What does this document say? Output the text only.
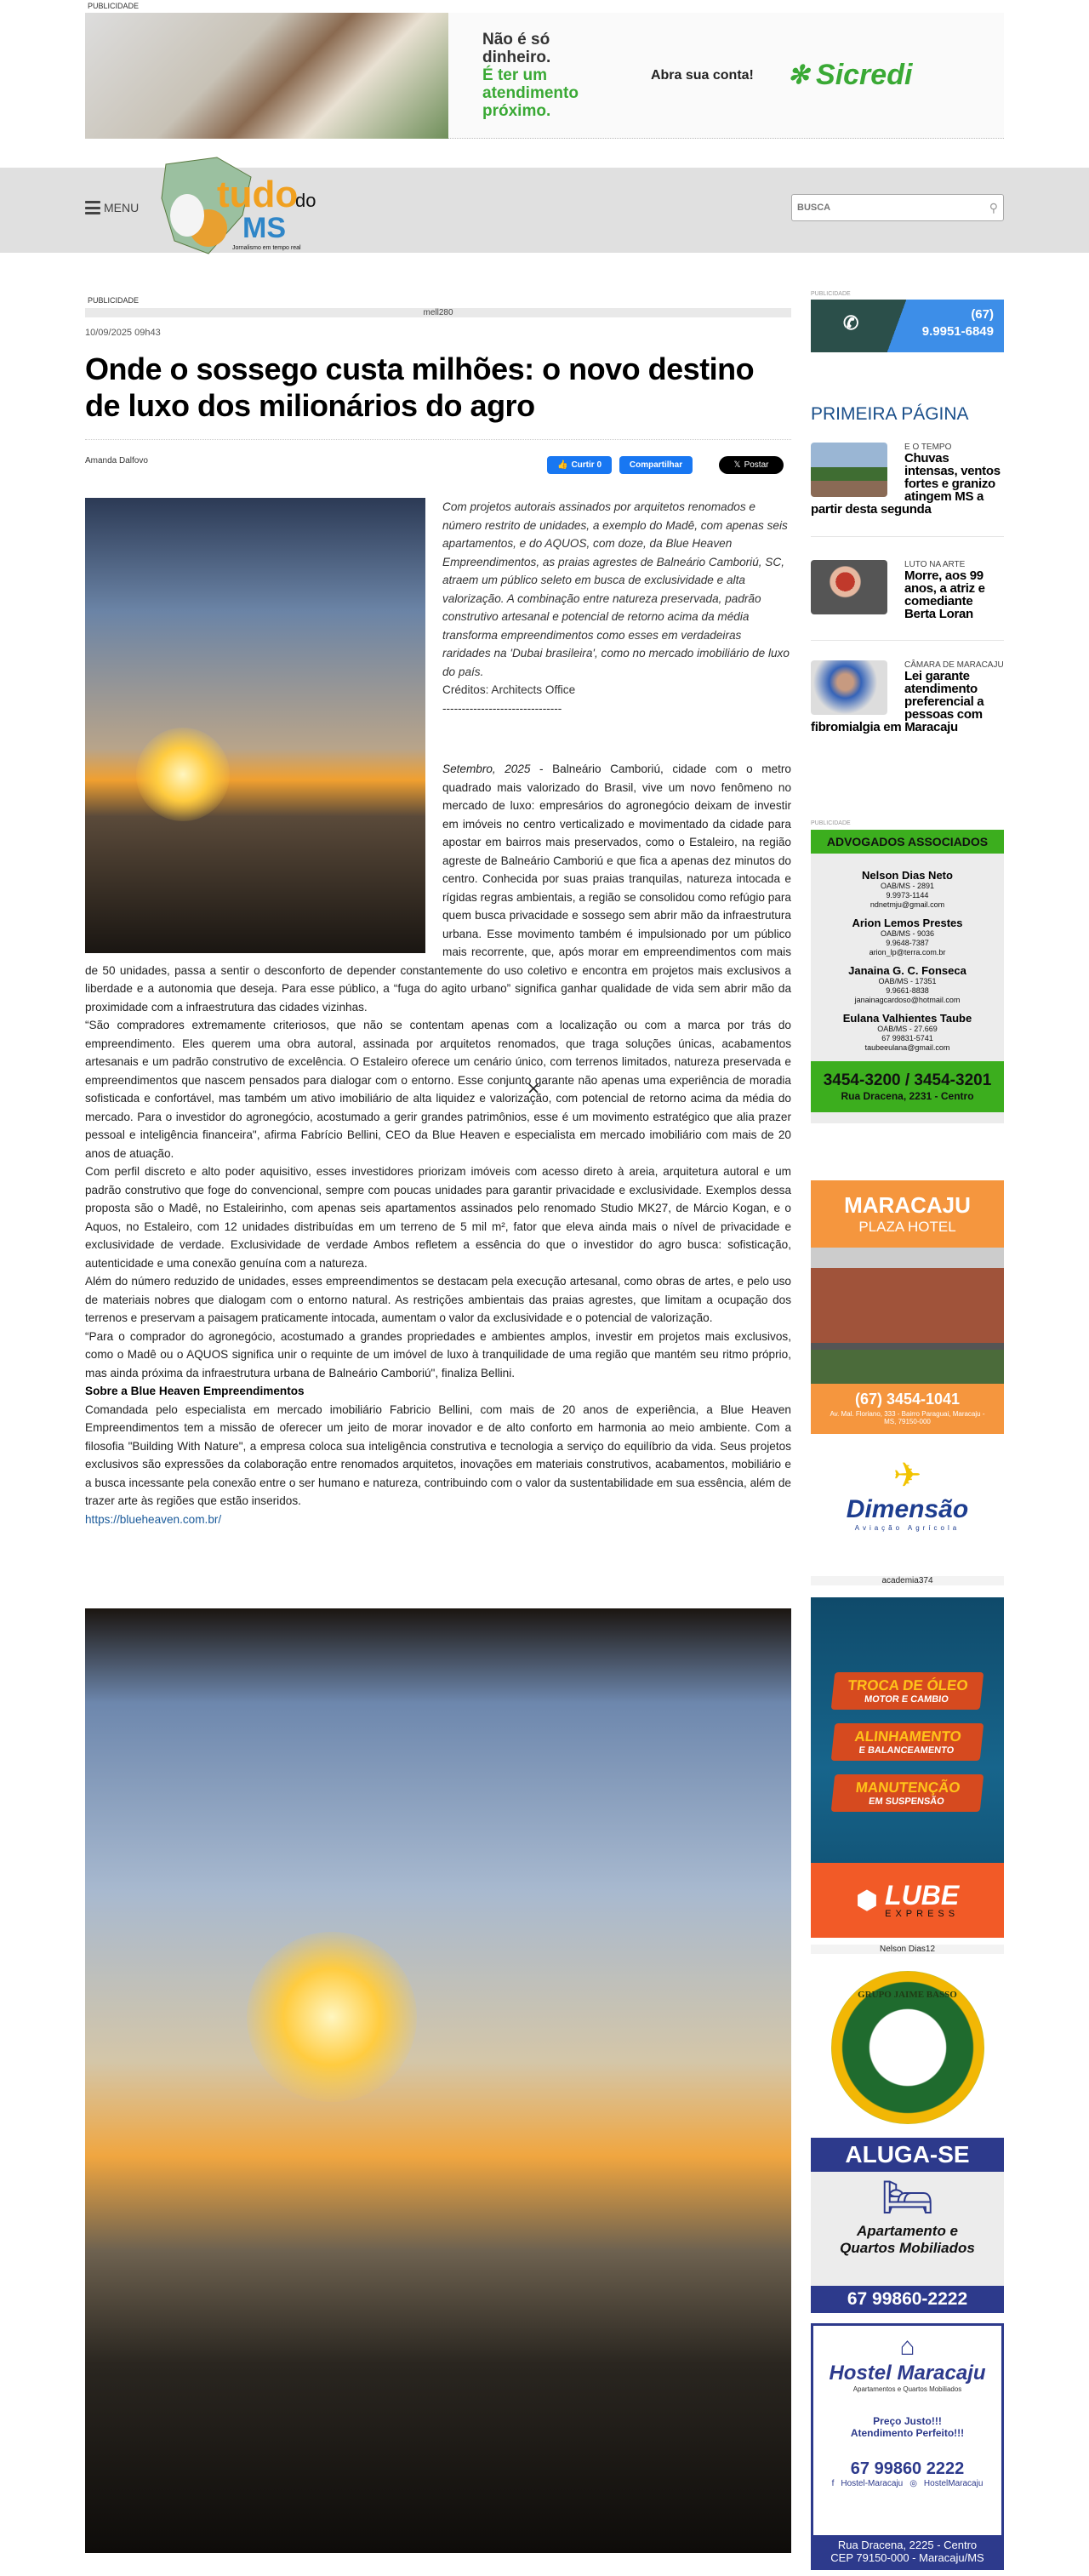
PUBLICIDADE
Não é só
dinheiro.
É ter um
atendimento
próximo.
Abra sua conta! ✻ Sicredi
MENU tudo
do
MS
Jornalismo em tempo real
BUSCA
⚲
PUBLICIDADE
mell280
10/09/2025 09h43
Onde o sossego custa milhões: o novo destino de luxo dos milionários do agro
Amanda Dalfovo	👍 Curtir 0	Compartilhar	𝕏 Postar
Com projetos autorais assinados por arquitetos renomados e número restrito de unidades, a exemplo do Madê, com apenas seis apartamentos, e do AQUOS, com doze, da Blue Heaven Empreendimentos, as praias agrestes de Balneário Camboriú, SC, atraem um público seleto em busca de exclusividade e alta valorização. A combinação entre natureza preservada, padrão construtivo artesanal e potencial de retorno acima da média transforma empreendimentos como esses em verdadeiras raridades na 'Dubai brasileira', como no mercado imobiliário de luxo do país.
Créditos: Architects Office
-------------------------------

Setembro, 2025 - Balneário Camboriú, cidade com o metro quadrado mais valorizado do Brasil, vive um novo fenômeno no mercado de luxo: empresários do agronegócio deixam de investir em imóveis no centro verticalizado e movimentado da cidade para apostar em bairros mais preservados, como o Estaleiro, na região agreste de Balneário Camboriú e que fica a apenas dez minutos do centro. Conhecida por suas praias tranquilas, natureza intocada e rígidas regras ambientais, a região se consolidou como refúgio para quem busca privacidade e sossego sem abrir mão da infraestrutura urbana. Esse movimento também é impulsionado por um público mais recorrente, que, após morar em empreendimentos com mais de 50 unidades, passa a sentir o desconforto de depender constantemente do uso coletivo e encontra em projetos mais exclusivos a liberdade e a autonomia que deseja. Para esse público, a “fuga do agito urbano” significa ganhar qualidade de vida sem abrir mão da proximidade com a infraestrutura das cidades vizinhas.

“São compradores extremamente criteriosos, que não se contentam apenas com a localização ou com a marca por trás do empreendimento. Eles querem uma obra autoral, assinada por arquitetos renomados, que traga soluções únicas, acabamentos artesanais e um padrão construtivo de excelência. O Estaleiro oferece um cenário único, com terrenos limitados, natureza preservada e empreendimentos que nascem pensados para dialogar com o entorno. Esse conjunto garante não apenas uma experiência de moradia sofisticada e confortável, mas também um ativo imobiliário de alta liquidez e valorização, com potencial de retorno acima da média do mercado. Para o investidor do agronegócio, acostumado a gerir grandes patrimônios, esse é um movimento estratégico que alia prazer pessoal e inteligência financeira", afirma Fabrício Bellini, CEO da Blue Heaven e especialista em mercado imobiliário com mais de 20 anos de atuação.

Com perfil discreto e alto poder aquisitivo, esses investidores priorizam imóveis com acesso direto à areia, arquitetura autoral e um padrão construtivo que foge do convencional, sempre com poucas unidades para garantir privacidade e exclusividade. Exemplos dessa proposta são o Madê, no Estaleirinho, com apenas seis apartamentos assinados pelo renomado Studio MK27, de Márcio Kogan, e o Aquos, no Estaleiro, com 12 unidades distribuídas em um terreno de 5 mil m², fator que eleva ainda mais o nível de privacidade e exclusividade de verdade. Exclusividade de verdade Ambos refletem a essência do que o investidor do agro busca: sofisticação, autenticidade e uma conexão genuína com a natureza.

Além do número reduzido de unidades, esses empreendimentos se destacam pela execução artesanal, como obras de artes, e pelo uso de materiais nobres que dialogam com o entorno natural. As restrições ambientais das praias agrestes, que limitam a ocupação dos terrenos e preservam a paisagem praticamente intocada, aumentam o valor da exclusividade e o potencial de valorização.

“Para o comprador do agronegócio, acostumado a grandes propriedades e ambientes amplos, investir em projetos mais exclusivos, como o Madê ou o AQUOS significa unir o requinte de um imóvel de luxo à tranquilidade de uma região que mantém seu ritmo próprio, mas ainda próxima da infraestrutura urbana de Balneário Camboriú", finaliza Bellini.

Sobre a Blue Heaven Empreendimentos

Comandada pelo especialista em mercado imobiliário Fabricio Bellini, com mais de 20 anos de experiência, a Blue Heaven Empreendimentos tem a missão de oferecer um jeito de morar inovador e de alto conforto em harmonia ao meio ambiente. Com a filosofia "Building With Nature", a empresa coloca sua inteligência construtiva e tecnologia a serviço do equilíbrio da vida. Seus projetos exclusivos são expressões da colaboração entre renomados arquitetos, inovações em materiais construtivos, acabamentos, mobiliário e a busca incessante pela conexão entre o ser humano e natureza, contribuindo com o valor da sustentabilidade em sua essência, além de trazer arte às regiões que estão inseridos.

https://blueheaven.com.br/

PUBLICIDADE
✆	(67)
9.9951-6849
PRIMEIRA PÁGINA
E O TEMPO
Chuvas intensas, ventos fortes e granizo atingem MS a partir desta segunda
LUTO NA ARTE
Morre, aos 99 anos, a atriz e comediante Berta Loran
CÂMARA DE MARACAJU
Lei garante atendimento preferencial a pessoas com fibromialgia em Maracaju
PUBLICIDADE
ADVOGADOS ASSOCIADOS
Nelson Dias Neto
OAB/MS - 2891
9.9973-1144
ndnetmju@gmail.com
Arion Lemos Prestes
OAB/MS - 9036
9.9648-7387
arion_lp@terra.com.br
Janaina G. C. Fonseca
OAB/MS - 17351
9.9661-8838
janainagcardoso@hotmail.com
Eulana Valhientes Taube
OAB/MS - 27.669
67 99831-5741
taubeeulana@gmail.com
3454-3200 / 3454-3201
Rua Dracena, 2231 - Centro
MARACAJU
PLAZA HOTEL
(67) 3454-1041
Av. Mal. Floriano, 333 - Bairro Paraguai, Maracaju - MS, 79150-000
✈
Dimensão
Aviação Agrícola
academia374
TROCA DE ÓLEO
MOTOR E CAMBIO
ALINHAMENTO
E BALANCEAMENTO
MANUTENÇÃO
EM SUSPENSÃO
⬢ LUBE
EXPRESS
Nelson Dias12
GRUPO JAIME BASSO
ALUGA-SE
🛏
Apartamento e
Quartos Mobiliados
67 99860-2222
⌂
Hostel Maracaju
Apartamentos e Quartos Mobiliados
Preço Justo!!!
Atendimento Perfeito!!!
67 99860 2222
f Hostel-Maracaju ◎ HostelMaracaju
Rua Dracena, 2225 - Centro
CEP 79150-000 - Maracaju/MS
